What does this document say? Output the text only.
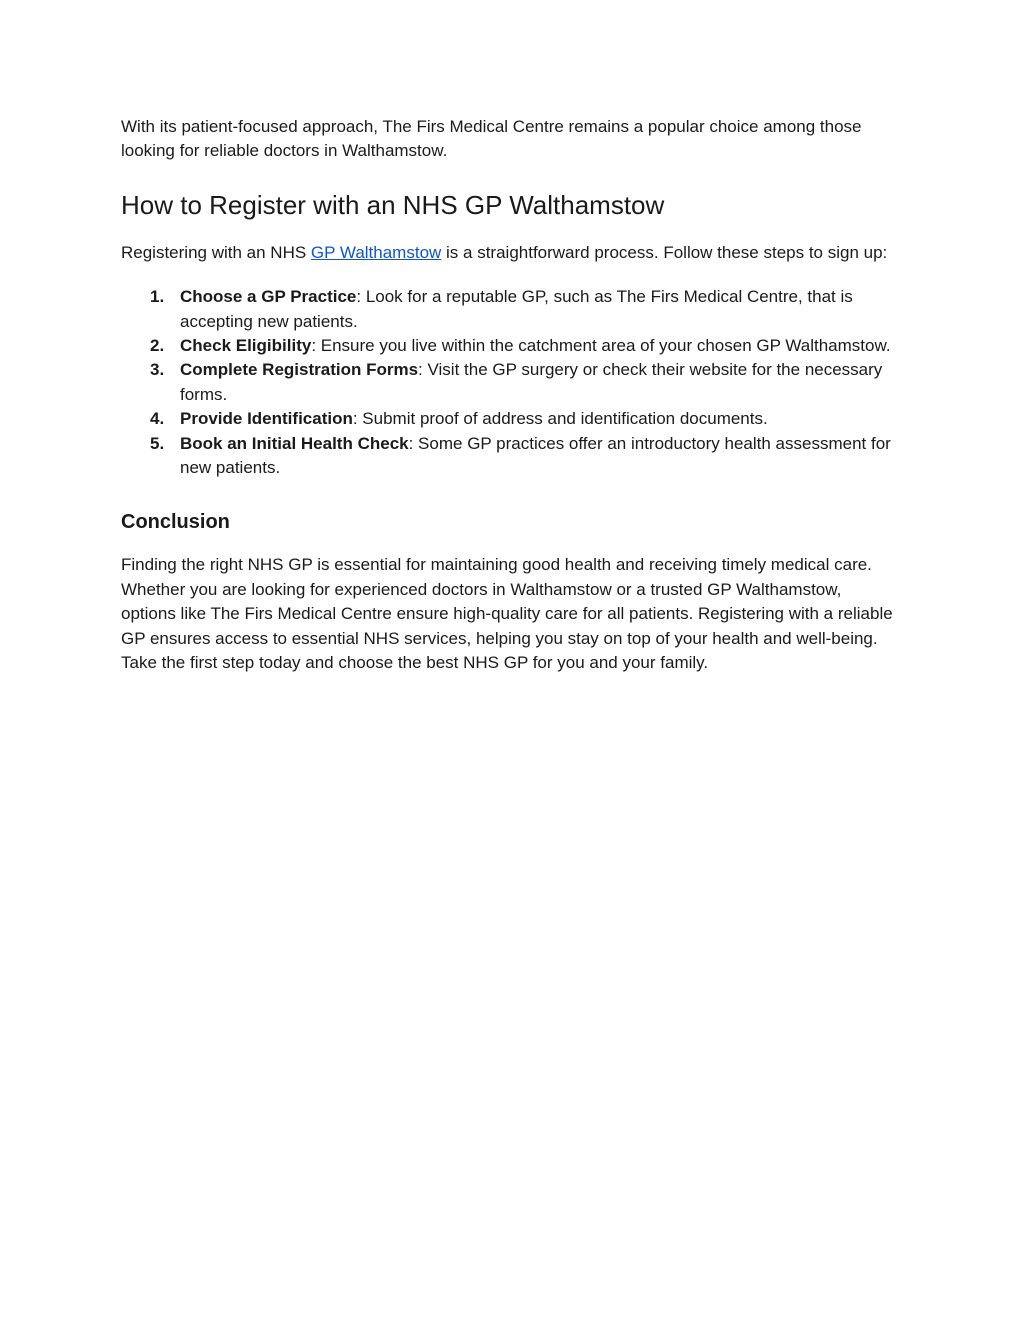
With its patient-focused approach, The Firs Medical Centre remains a popular choice among those looking for reliable doctors in Walthamstow.

How to Register with an NHS GP Walthamstow

Registering with an NHS GP Walthamstow is a straightforward process. Follow these steps to sign up:

1. Choose a GP Practice: Look for a reputable GP, such as The Firs Medical Centre, that is accepting new patients.
2. Check Eligibility: Ensure you live within the catchment area of your chosen GP Walthamstow.
3. Complete Registration Forms: Visit the GP surgery or check their website for the necessary forms.
4. Provide Identification: Submit proof of address and identification documents.
5. Book an Initial Health Check: Some GP practices offer an introductory health assessment for new patients.
Conclusion

Finding the right NHS GP is essential for maintaining good health and receiving timely medical care. Whether you are looking for experienced doctors in Walthamstow or a trusted GP Walthamstow, options like The Firs Medical Centre ensure high-quality care for all patients. Registering with a reliable GP ensures access to essential NHS services, helping you stay on top of your health and well-being. Take the first step today and choose the best NHS GP for you and your family.
